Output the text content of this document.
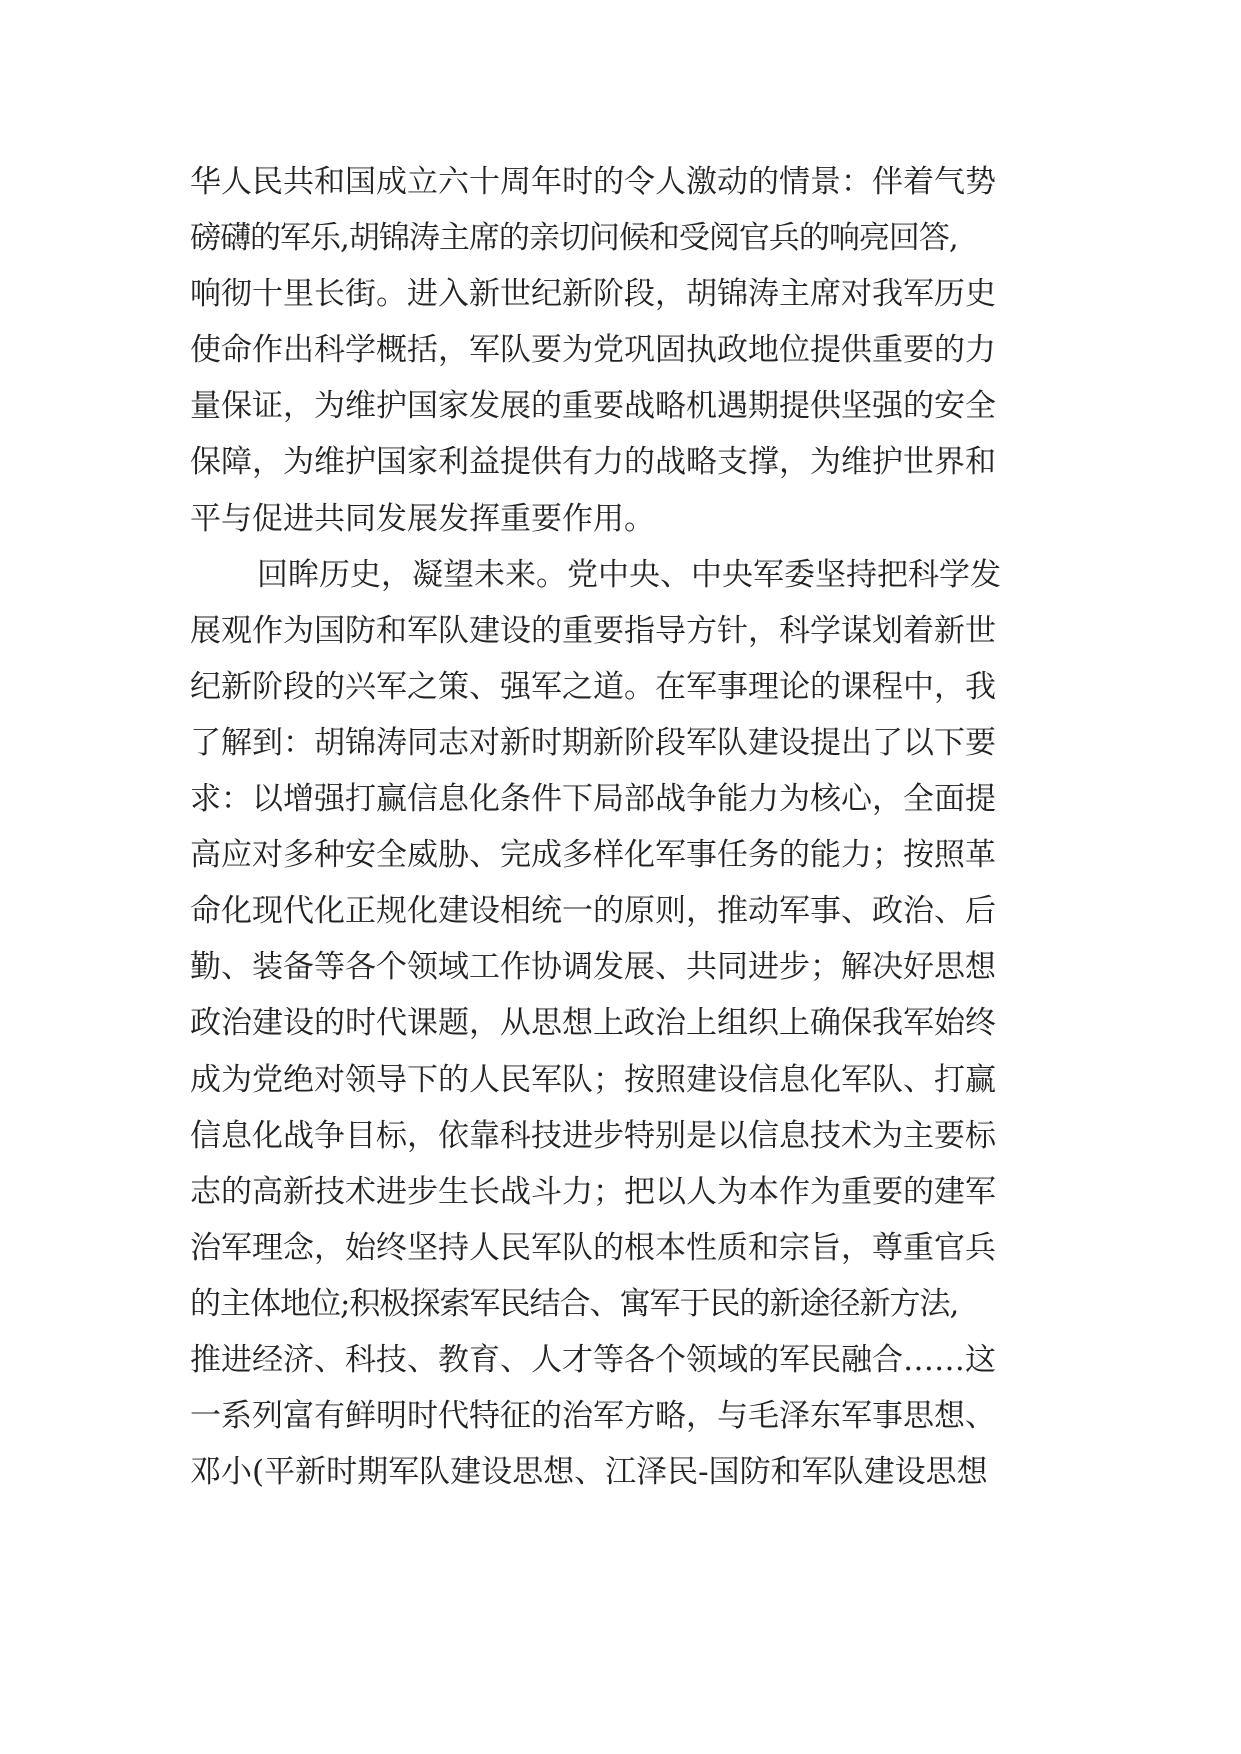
华人民共和国成立六十周年时的令人激动的情景：伴着气势
磅礴的军乐,胡锦涛主席的亲切问候和受阅官兵的响亮回答,
响彻十里长街。进入新世纪新阶段，胡锦涛主席对我军历史
使命作出科学概括，军队要为党巩固执政地位提供重要的力
量保证，为维护国家发展的重要战略机遇期提供坚强的安全
保障，为维护国家利益提供有力的战略支撑，为维护世界和
平与促进共同发展发挥重要作用。
回眸历史，凝望未来。党中央、中央军委坚持把科学发
展观作为国防和军队建设的重要指导方针，科学谋划着新世
纪新阶段的兴军之策、强军之道。在军事理论的课程中，我
了解到：胡锦涛同志对新时期新阶段军队建设提出了以下要
求：以增强打赢信息化条件下局部战争能力为核心，全面提
高应对多种安全威胁、完成多样化军事任务的能力；按照革
命化现代化正规化建设相统一的原则，推动军事、政治、后
勤、装备等各个领域工作协调发展、共同进步；解决好思想
政治建设的时代课题，从思想上政治上组织上确保我军始终
成为党绝对领导下的人民军队；按照建设信息化军队、打赢
信息化战争目标，依靠科技进步特别是以信息技术为主要标
志的高新技术进步生长战斗力；把以人为本作为重要的建军
治军理念，始终坚持人民军队的根本性质和宗旨，尊重官兵
的主体地位;积极探索军民结合、寓军于民的新途径新方法,
推进经济、科技、教育、人才等各个领域的军民融合……这
一系列富有鲜明时代特征的治军方略，与毛泽东军事思想、
邓小(平新时期军队建设思想、江泽民-国防和军队建设思想
